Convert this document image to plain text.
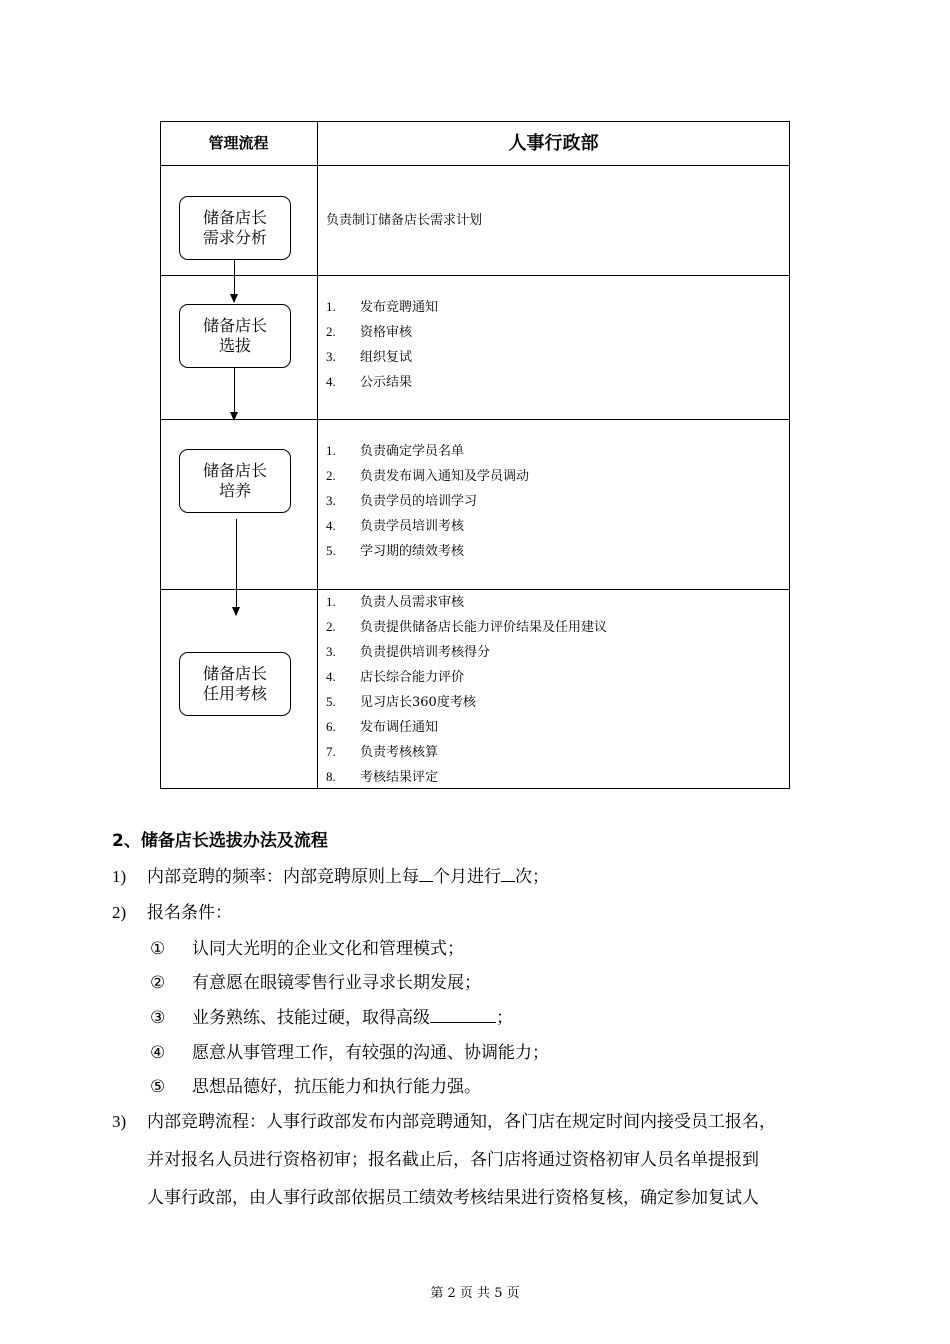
管理流程	人事行政部
储备店长
需求分析
储备店长
选拔
储备店长
培养
储备店长
任用考核
负责制订储备店长需求计划
1. 发布竞聘通知
2. 资格审核
3. 组织复试
4. 公示结果
1. 负责确定学员名单
2. 负责发布调入通知及学员调动
3. 负责学员的培训学习
4. 负责学员培训考核
5. 学习期的绩效考核
1. 负责人员需求审核
2. 负责提供储备店长能力评价结果及任用建议
3. 负责提供培训考核得分
4. 店长综合能力评价
5. 见习店长360度考核
6. 发布调任通知
7. 负责考核核算
8. 考核结果评定
2、储备店长选拔办法及流程
1) 内部竞聘的频率：内部竞聘原则上每 个月进行 次；
2) 报名条件：
① 认同大光明的企业文化和管理模式；
② 有意愿在眼镜零售行业寻求长期发展；
③ 业务熟练、技能过硬，取得高级	；
④ 愿意从事管理工作，有较强的沟通、协调能力；
⑤ 思想品德好，抗压能力和执行能力强。
3) 内部竞聘流程：人事行政部发布内部竞聘通知，各门店在规定时间内接受员工报名，
并对报名人员进行资格初审；报名截止后，各门店将通过资格初审人员名单提报到
人事行政部，由人事行政部依据员工绩效考核结果进行资格复核，确定参加复试人
第 2 页 共 5 页
